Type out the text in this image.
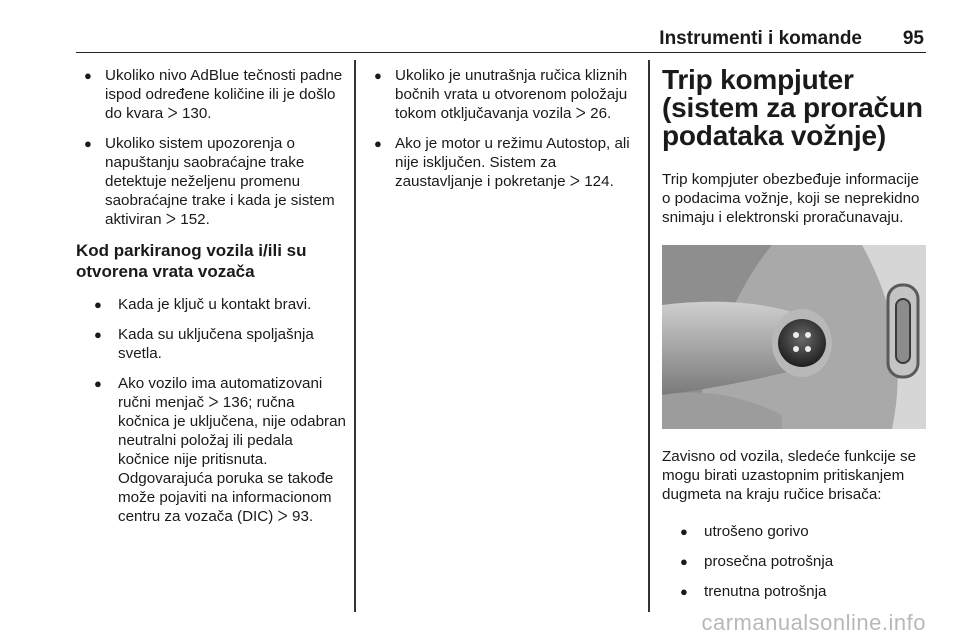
Instrumenti i komande 95
● Ukoliko nivo AdBlue tečnosti padne ispod određene količine ili je došlo do kvara ᐳ 130.
● Ukoliko sistem upozorenja o napuštanju saobraćajne trake detektuje neželjenu promenu saobraćajne trake i kada je sistem aktiviran ᐳ 152.
Kod parkiranog vozila i/ili su otvorena vrata vozača
● Kada je ključ u kontakt bravi.
● Kada su uključena spoljašnja svetla.
● Ako vozilo ima automatizovani ručni menjač ᐳ 136; ručna kočnica je uključena, nije odabran neutralni položaj ili pedala kočnice nije pritisnuta. Odgovarajuća poruka se takođe može pojaviti na informacionom centru za vozača (DIC) ᐳ 93.
● Ukoliko je unutrašnja ručica kliznih bočnih vrata u otvorenom položaju tokom otključavanja vozila ᐳ 26.
● Ako je motor u režimu Autostop, ali nije isključen. Sistem za zaustavljanje i pokretanje ᐳ 124.
Trip kompjuter (sistem za proračun podataka vožnje)

Trip kompjuter obezbeđuje informacije o podacima vožnje, koji se neprekidno snimaju i elektronski proračunavaju.

Zavisno od vozila, sledeće funkcije se mogu birati uzastopnim pritiskanjem dugmeta na kraju ručice brisača:

● utrošeno gorivo
● prosečna potrošnja
● trenutna potrošnja
carmanualsonline.info
